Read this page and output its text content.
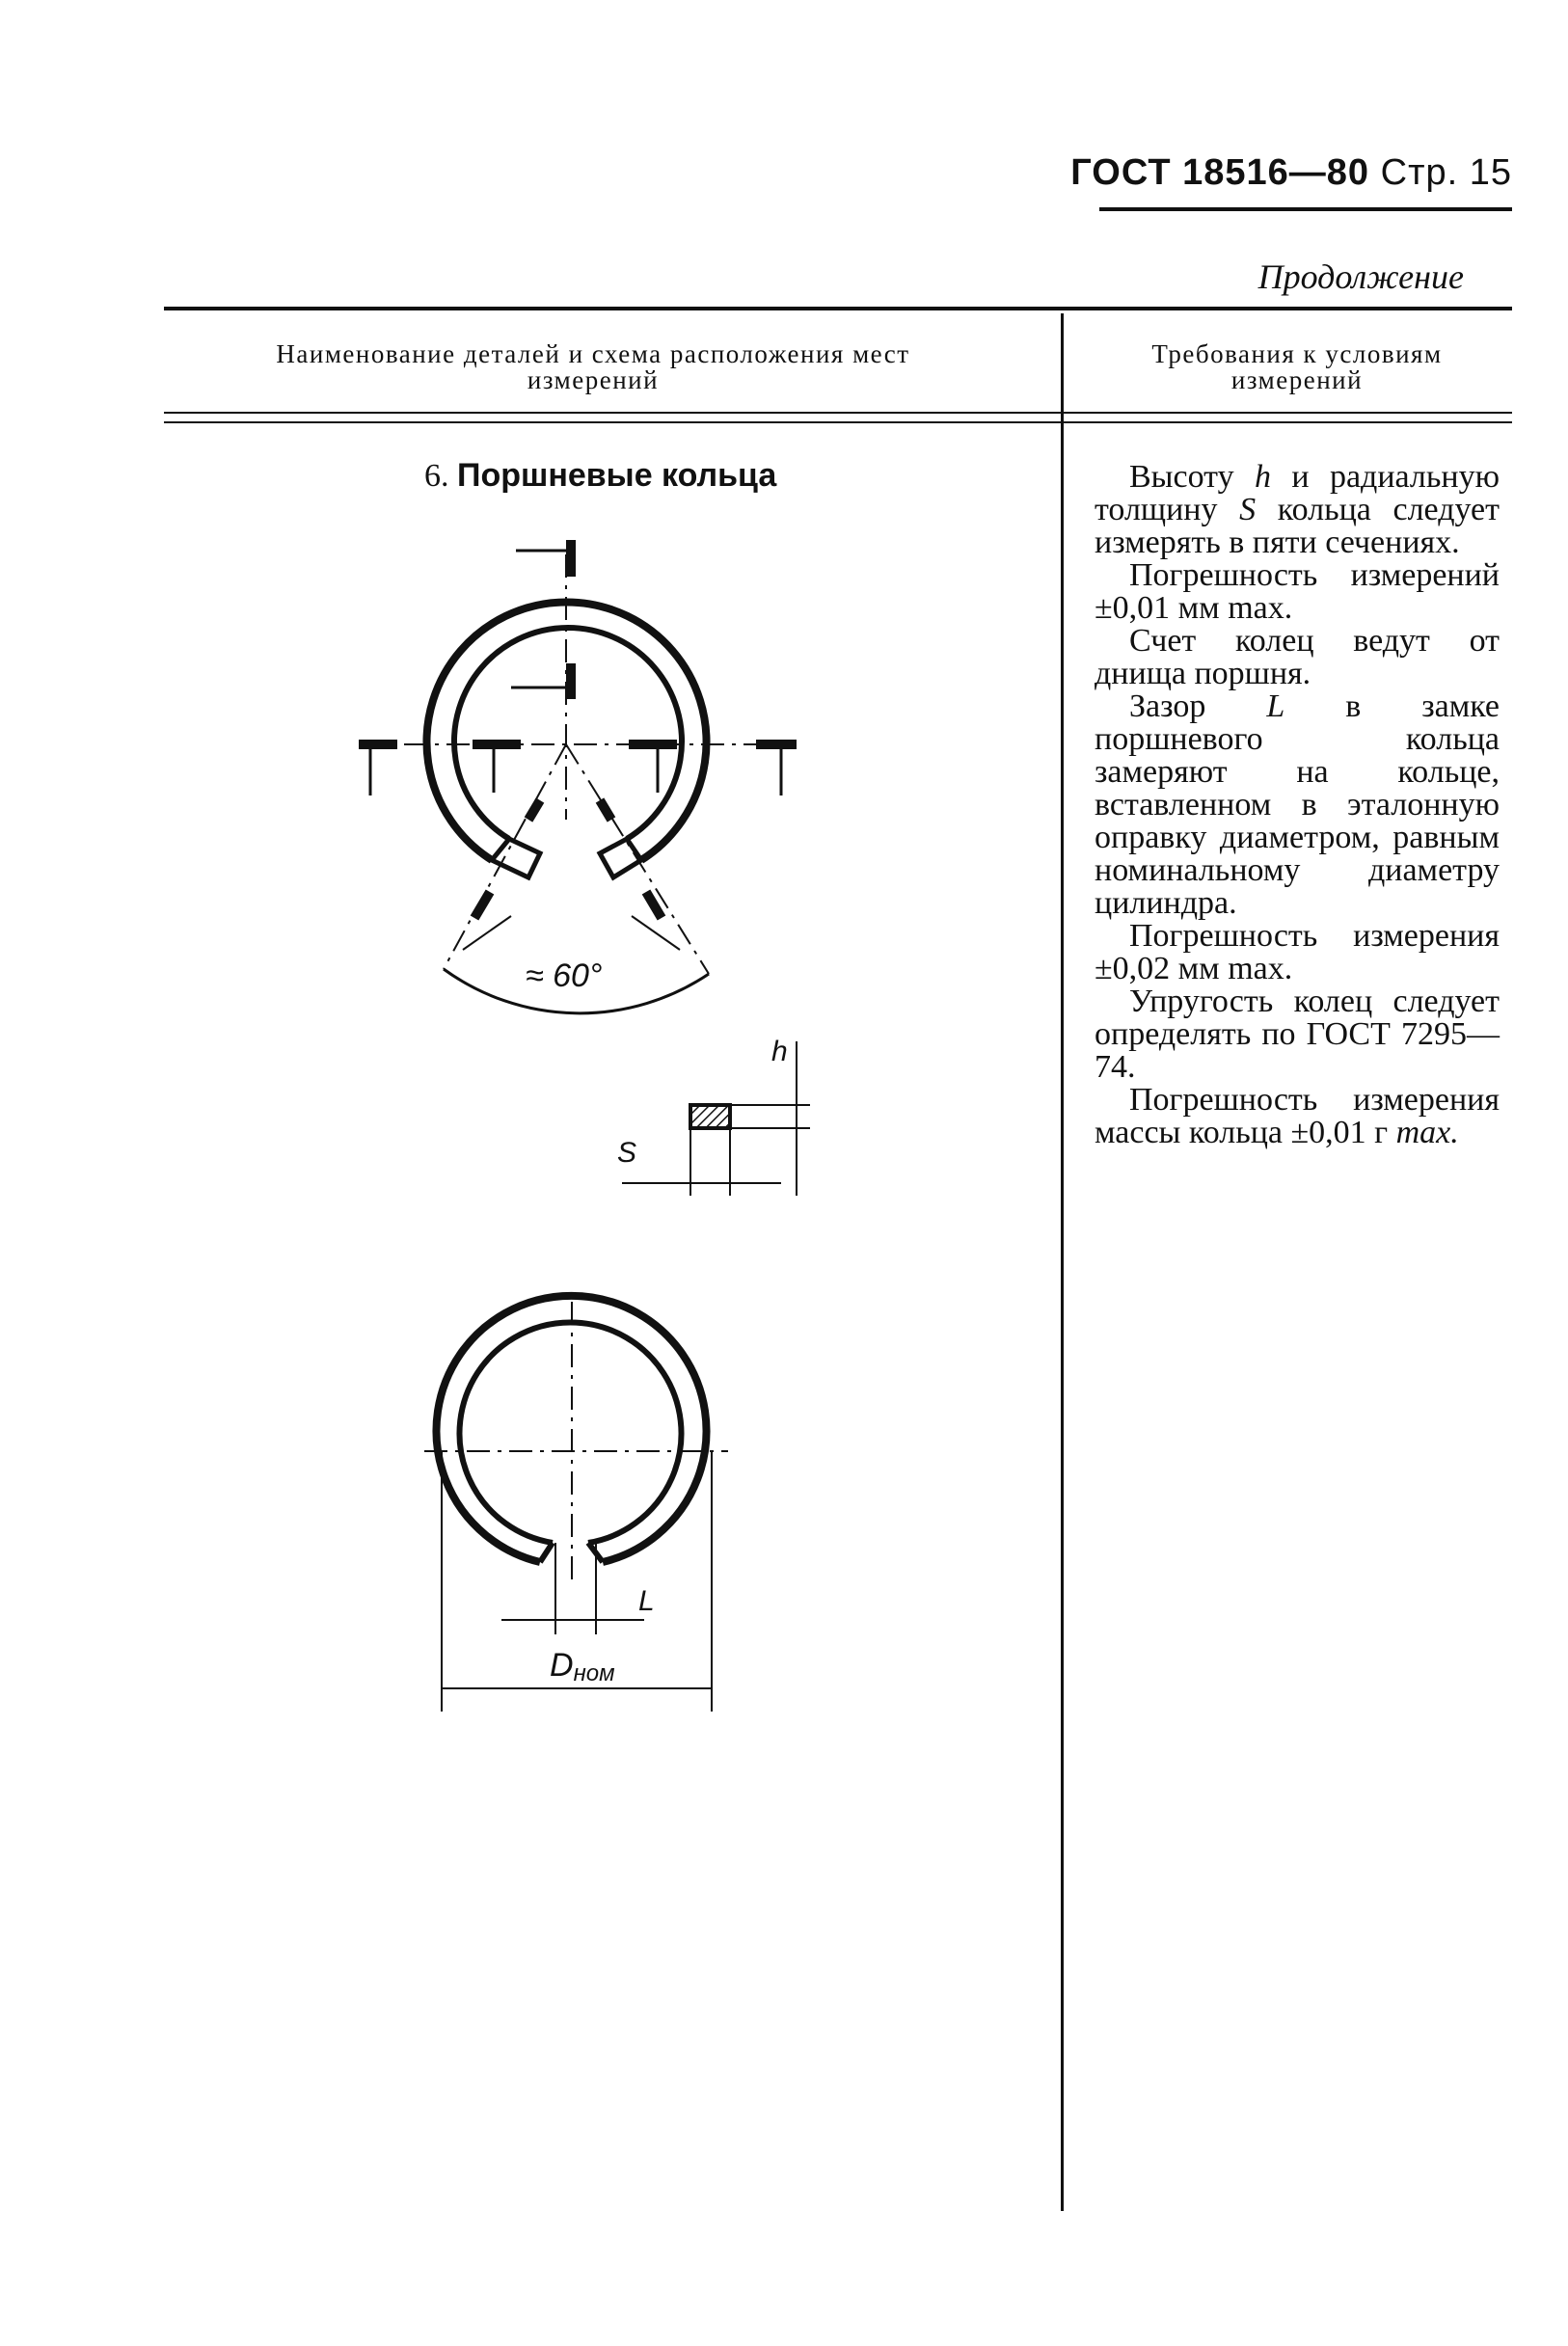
ГОСТ 18516—80 Стр. 15
Продолжение
Наименование деталей и схема расположения мест измерений
Требования к условиям измерений
6. Поршневые кольца	Высоту h и радиальную толщину S кольца следует измерять в пяти сечениях.

Погрешность измерений ±0,01 мм max.

Счет колец ведут от днища поршня.

Зазор L в замке поршневого кольца замеряют на кольце, вставленном в эталонную оправку диаметром, равным номинальному диаметру цилиндра.

Погрешность измерения ±0,02 мм max.

Упругость колец следует определять по ГОСТ 7295—74.

Погрешность измерения массы кольца ±0,01 г max.

≈ 60°
h
S
L
Dном
